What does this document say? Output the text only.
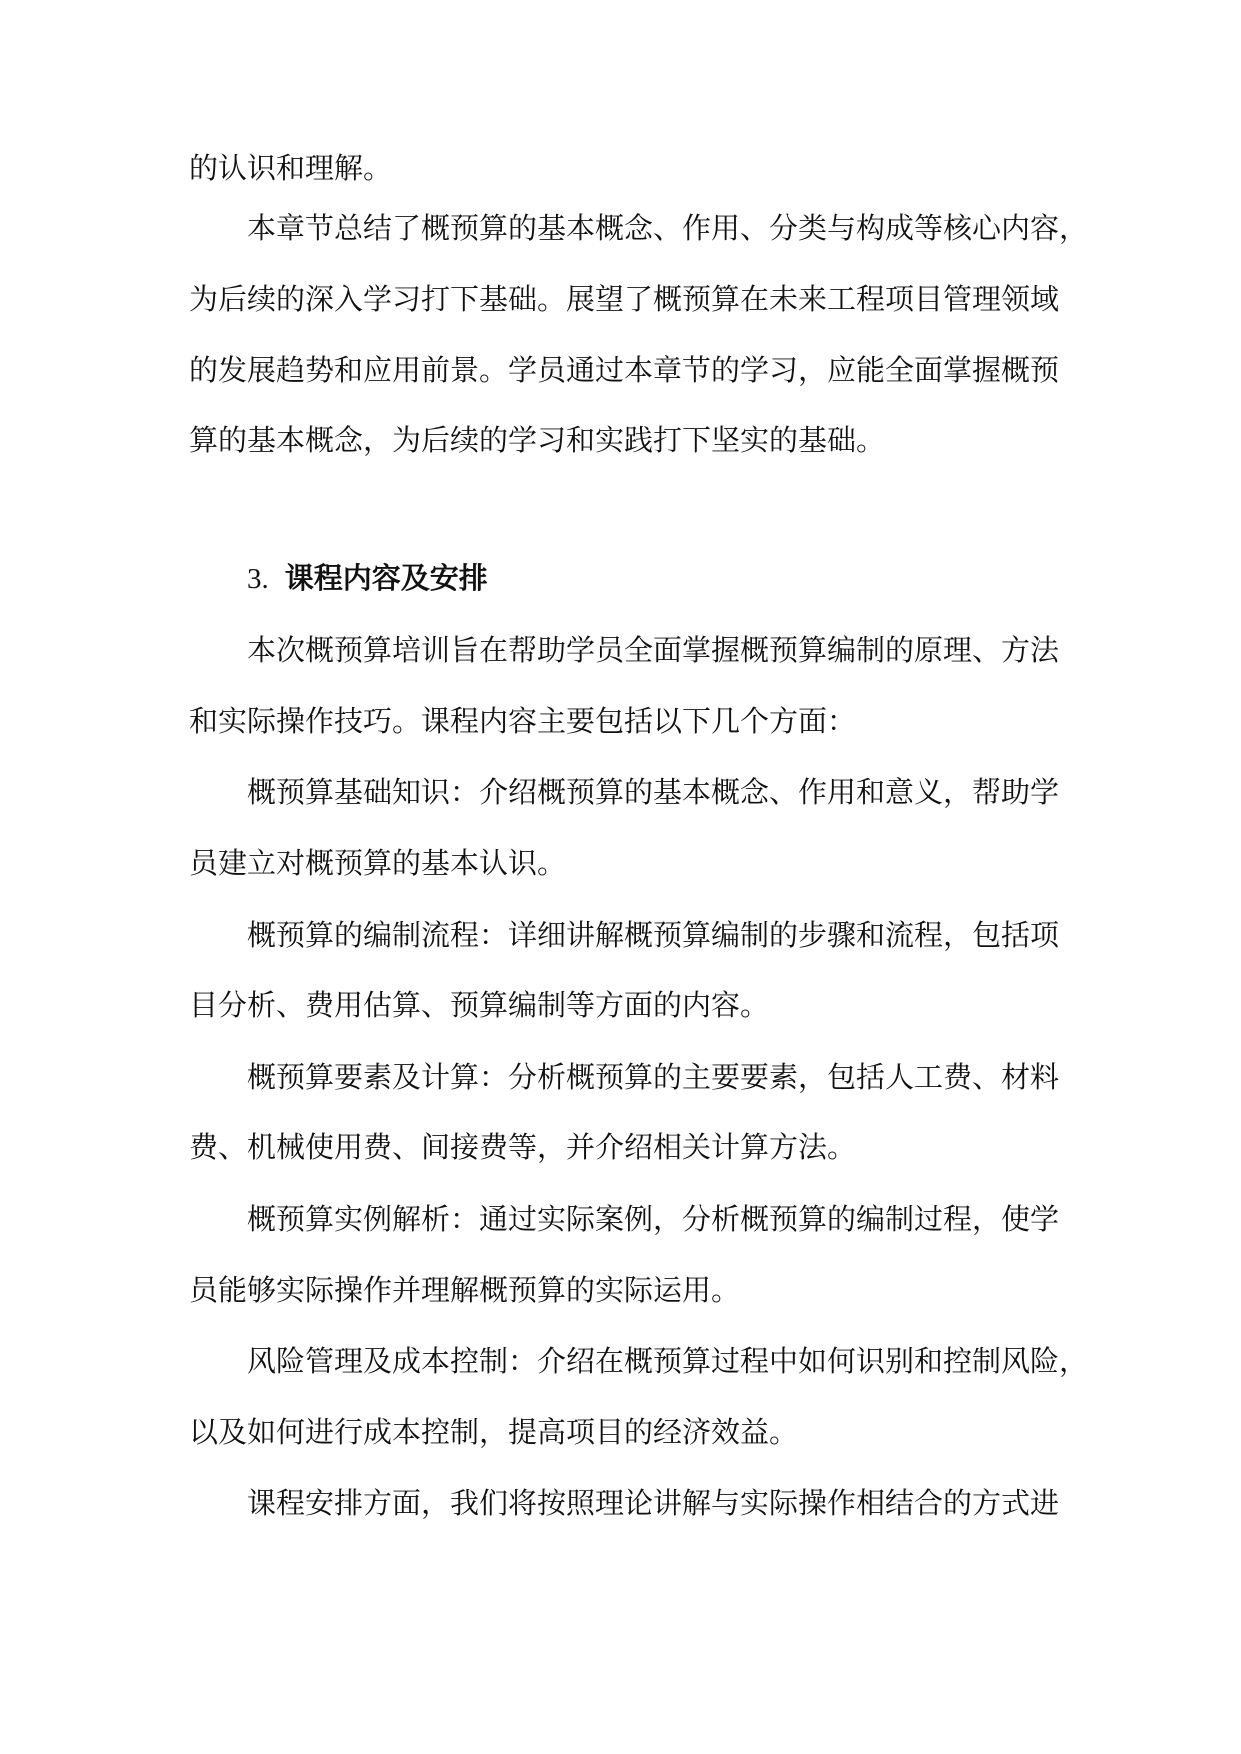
的认识和理解。
本章节总结了概预算的基本概念、作用、分类与构成等核心内容，
为后续的深入学习打下基础。展望了概预算在未来工程项目管理领域
的发展趋势和应用前景。学员通过本章节的学习，应能全面掌握概预
算的基本概念，为后续的学习和实践打下坚实的基础。
3. 课程内容及安排
本次概预算培训旨在帮助学员全面掌握概预算编制的原理、方法
和实际操作技巧。课程内容主要包括以下几个方面：
概预算基础知识：介绍概预算的基本概念、作用和意义，帮助学
员建立对概预算的基本认识。
概预算的编制流程：详细讲解概预算编制的步骤和流程，包括项
目分析、费用估算、预算编制等方面的内容。
概预算要素及计算：分析概预算的主要要素，包括人工费、材料
费、机械使用费、间接费等，并介绍相关计算方法。
概预算实例解析：通过实际案例，分析概预算的编制过程，使学
员能够实际操作并理解概预算的实际运用。
风险管理及成本控制：介绍在概预算过程中如何识别和控制风险，
以及如何进行成本控制，提高项目的经济效益。
课程安排方面，我们将按照理论讲解与实际操作相结合的方式进
